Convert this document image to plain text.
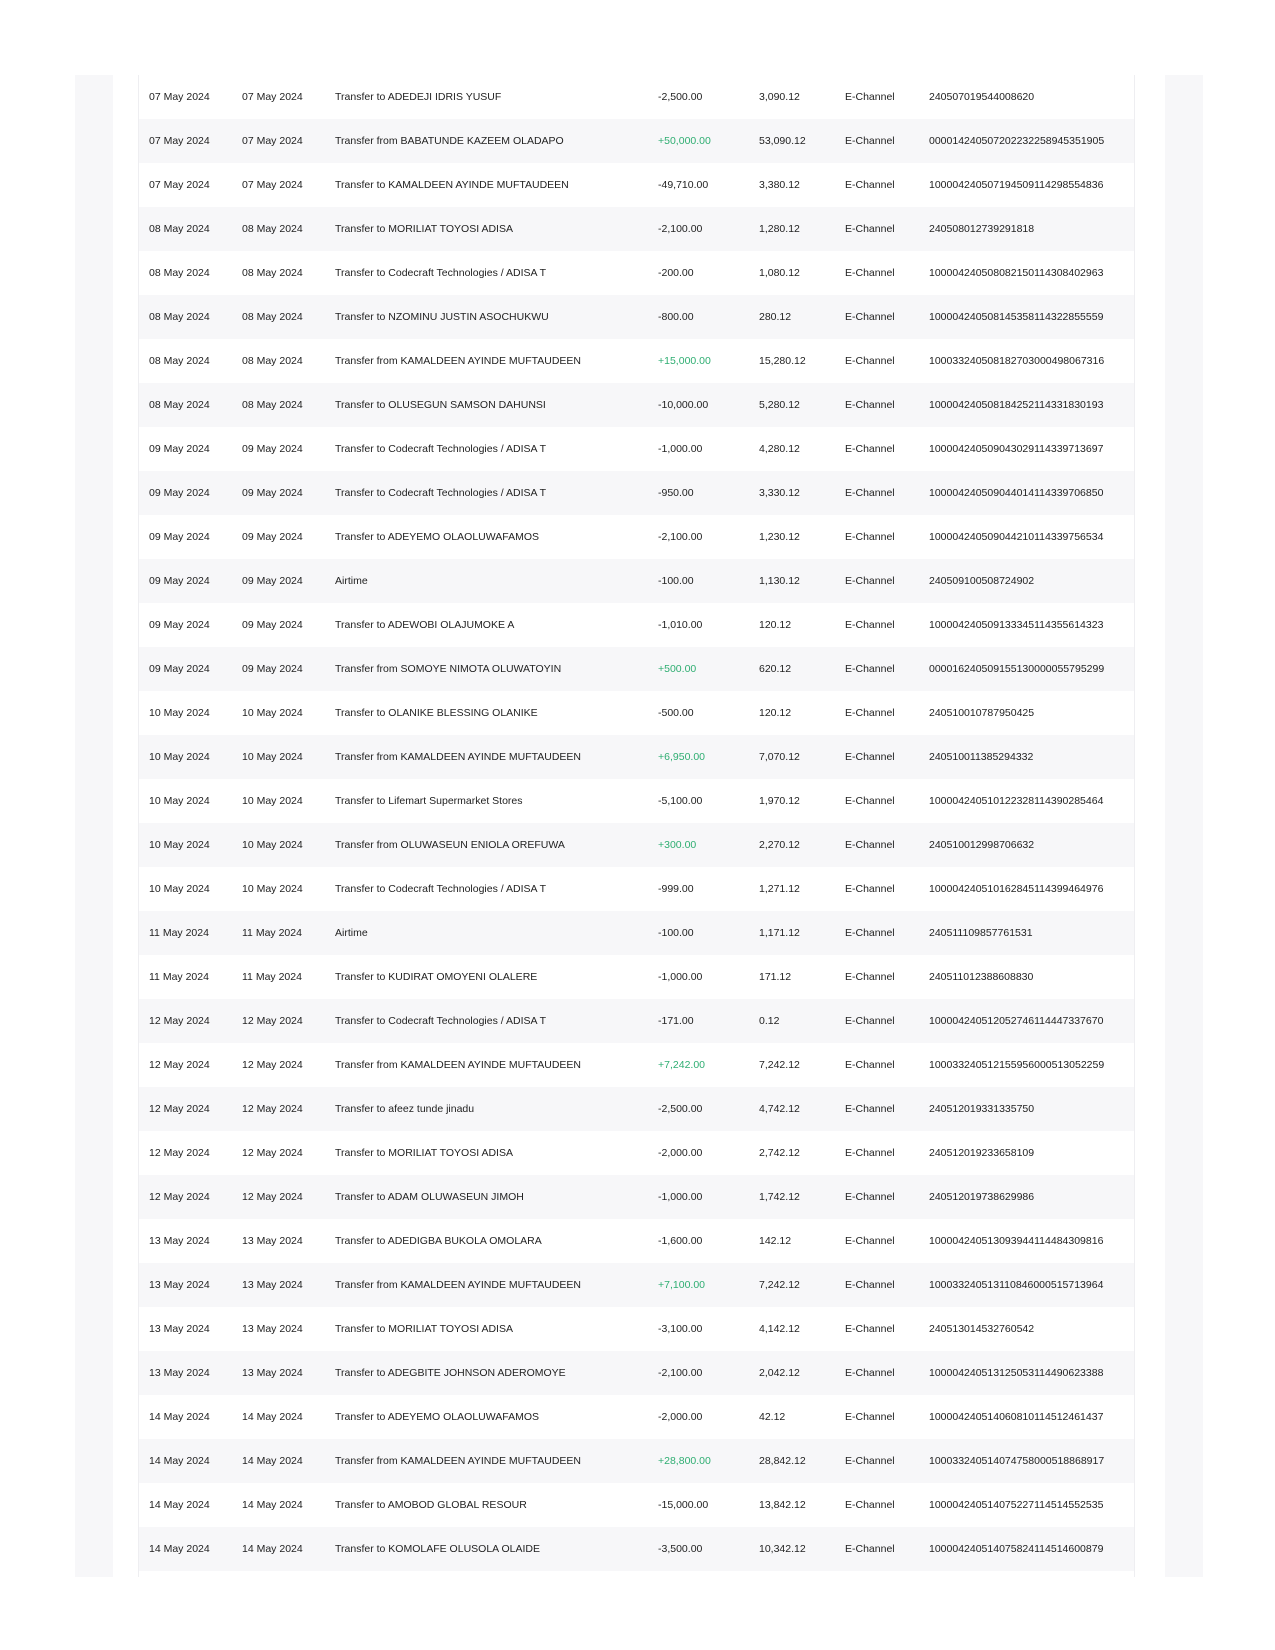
07 May 2024	07 May 2024	Transfer to ADEDEJI IDRIS YUSUF	-2,500.00	3,090.12	E-Channel	240507019544008620
07 May 2024	07 May 2024	Transfer from BABATUNDE KAZEEM OLADAPO	+50,000.00	53,090.12	E-Channel	000014240507202232258945351905
07 May 2024	07 May 2024	Transfer to KAMALDEEN AYINDE MUFTAUDEEN	-49,710.00	3,380.12	E-Channel	100004240507194509114298554836
08 May 2024	08 May 2024	Transfer to MORILIAT TOYOSI ADISA	-2,100.00	1,280.12	E-Channel	240508012739291818
08 May 2024	08 May 2024	Transfer to Codecraft Technologies / ADISA T	-200.00	1,080.12	E-Channel	100004240508082150114308402963
08 May 2024	08 May 2024	Transfer to NZOMINU JUSTIN ASOCHUKWU	-800.00	280.12	E-Channel	100004240508145358114322855559
08 May 2024	08 May 2024	Transfer from KAMALDEEN AYINDE MUFTAUDEEN	+15,000.00	15,280.12	E-Channel	100033240508182703000498067316
08 May 2024	08 May 2024	Transfer to OLUSEGUN SAMSON DAHUNSI	-10,000.00	5,280.12	E-Channel	100004240508184252114331830193
09 May 2024	09 May 2024	Transfer to Codecraft Technologies / ADISA T	-1,000.00	4,280.12	E-Channel	100004240509043029114339713697
09 May 2024	09 May 2024	Transfer to Codecraft Technologies / ADISA T	-950.00	3,330.12	E-Channel	100004240509044014114339706850
09 May 2024	09 May 2024	Transfer to ADEYEMO OLAOLUWAFAMOS	-2,100.00	1,230.12	E-Channel	100004240509044210114339756534
09 May 2024	09 May 2024	Airtime	-100.00	1,130.12	E-Channel	240509100508724902
09 May 2024	09 May 2024	Transfer to ADEWOBI OLAJUMOKE A	-1,010.00	120.12	E-Channel	100004240509133345114355614323
09 May 2024	09 May 2024	Transfer from SOMOYE NIMOTA OLUWATOYIN	+500.00	620.12	E-Channel	000016240509155130000055795299
10 May 2024	10 May 2024	Transfer to OLANIKE BLESSING OLANIKE	-500.00	120.12	E-Channel	240510010787950425
10 May 2024	10 May 2024	Transfer from KAMALDEEN AYINDE MUFTAUDEEN	+6,950.00	7,070.12	E-Channel	240510011385294332
10 May 2024	10 May 2024	Transfer to Lifemart Supermarket Stores	-5,100.00	1,970.12	E-Channel	100004240510122328114390285464
10 May 2024	10 May 2024	Transfer from OLUWASEUN ENIOLA OREFUWA	+300.00	2,270.12	E-Channel	240510012998706632
10 May 2024	10 May 2024	Transfer to Codecraft Technologies / ADISA T	-999.00	1,271.12	E-Channel	100004240510162845114399464976
11 May 2024	11 May 2024	Airtime	-100.00	1,171.12	E-Channel	240511109857761531
11 May 2024	11 May 2024	Transfer to KUDIRAT OMOYENI OLALERE	-1,000.00	171.12	E-Channel	240511012388608830
12 May 2024	12 May 2024	Transfer to Codecraft Technologies / ADISA T	-171.00	0.12	E-Channel	100004240512052746114447337670
12 May 2024	12 May 2024	Transfer from KAMALDEEN AYINDE MUFTAUDEEN	+7,242.00	7,242.12	E-Channel	100033240512155956000513052259
12 May 2024	12 May 2024	Transfer to afeez tunde jinadu	-2,500.00	4,742.12	E-Channel	240512019331335750
12 May 2024	12 May 2024	Transfer to MORILIAT TOYOSI ADISA	-2,000.00	2,742.12	E-Channel	240512019233658109
12 May 2024	12 May 2024	Transfer to ADAM OLUWASEUN JIMOH	-1,000.00	1,742.12	E-Channel	240512019738629986
13 May 2024	13 May 2024	Transfer to ADEDIGBA BUKOLA OMOLARA	-1,600.00	142.12	E-Channel	100004240513093944114484309816
13 May 2024	13 May 2024	Transfer from KAMALDEEN AYINDE MUFTAUDEEN	+7,100.00	7,242.12	E-Channel	100033240513110846000515713964
13 May 2024	13 May 2024	Transfer to MORILIAT TOYOSI ADISA	-3,100.00	4,142.12	E-Channel	240513014532760542
13 May 2024	13 May 2024	Transfer to ADEGBITE JOHNSON ADEROMOYE	-2,100.00	2,042.12	E-Channel	100004240513125053114490623388
14 May 2024	14 May 2024	Transfer to ADEYEMO OLAOLUWAFAMOS	-2,000.00	42.12	E-Channel	100004240514060810114512461437
14 May 2024	14 May 2024	Transfer from KAMALDEEN AYINDE MUFTAUDEEN	+28,800.00	28,842.12	E-Channel	100033240514074758000518868917
14 May 2024	14 May 2024	Transfer to AMOBOD GLOBAL RESOUR	-15,000.00	13,842.12	E-Channel	100004240514075227114514552535
14 May 2024	14 May 2024	Transfer to KOMOLAFE OLUSOLA OLAIDE	-3,500.00	10,342.12	E-Channel	100004240514075824114514600879
